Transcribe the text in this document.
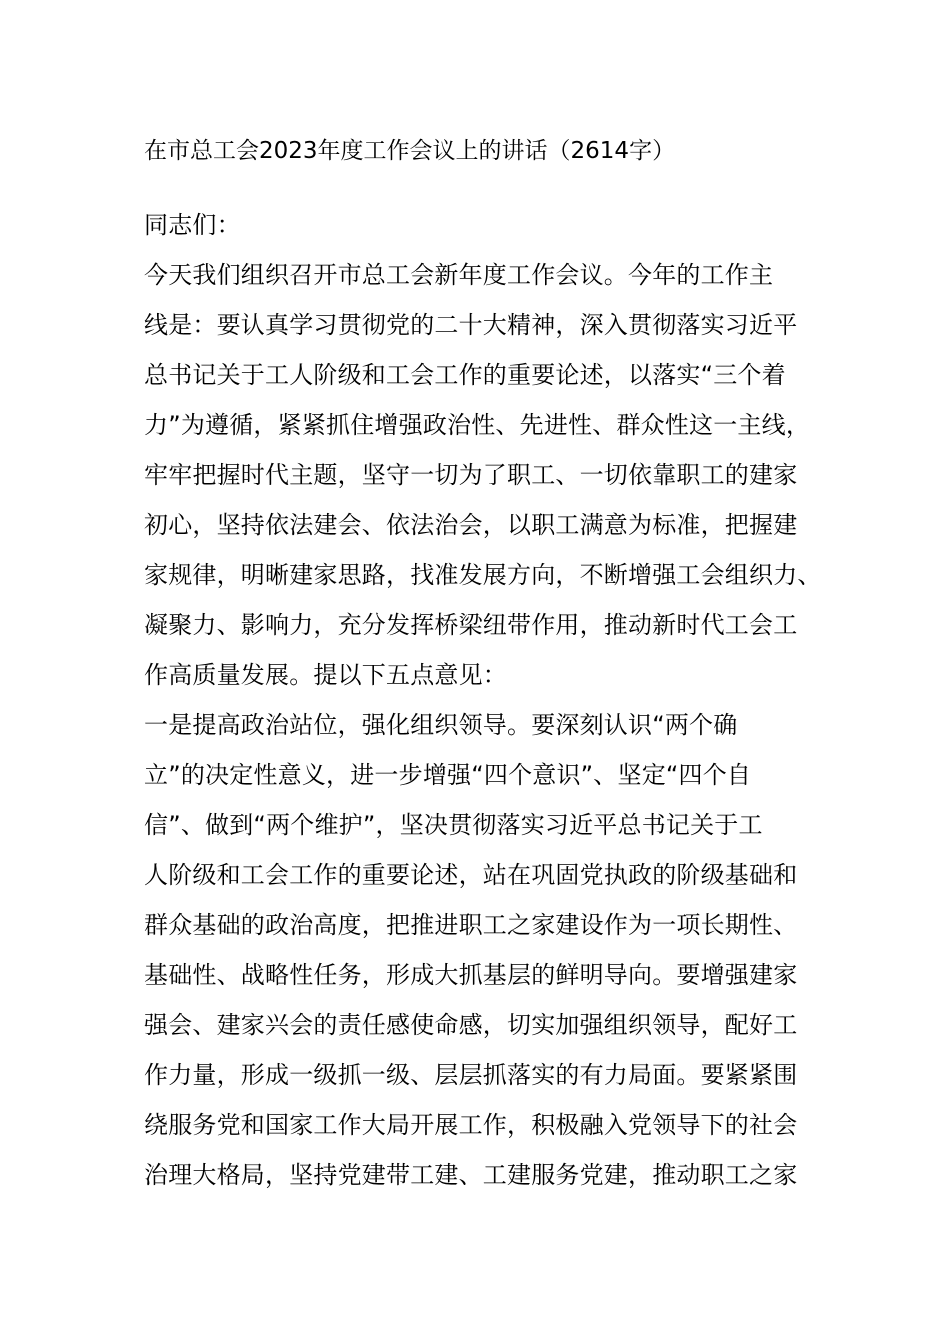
在市总工会2023年度工作会议上的讲话（2614字）
同志们：
今天我们组织召开市总工会新年度工作会议。今年的工作主
线是：要认真学习贯彻党的二十大精神，深入贯彻落实习近平
总书记关于工人阶级和工会工作的重要论述，以落实“三个着
力”为遵循，紧紧抓住增强政治性、先进性、群众性这一主线，
牢牢把握时代主题，坚守一切为了职工、一切依靠职工的建家
初心，坚持依法建会、依法治会，以职工满意为标准，把握建
家规律，明晰建家思路，找准发展方向，不断增强工会组织力、
凝聚力、影响力，充分发挥桥梁纽带作用，推动新时代工会工
作高质量发展。提以下五点意见：
一是提高政治站位，强化组织领导。要深刻认识“两个确
立”的决定性意义，进一步增强“四个意识”、坚定“四个自
信”、做到“两个维护”，坚决贯彻落实习近平总书记关于工
人阶级和工会工作的重要论述，站在巩固党执政的阶级基础和
群众基础的政治高度，把推进职工之家建设作为一项长期性、
基础性、战略性任务，形成大抓基层的鲜明导向。要增强建家
强会、建家兴会的责任感使命感，切实加强组织领导，配好工
作力量，形成一级抓一级、层层抓落实的有力局面。要紧紧围
绕服务党和国家工作大局开展工作，积极融入党领导下的社会
治理大格局，坚持党建带工建、工建服务党建，推动职工之家
